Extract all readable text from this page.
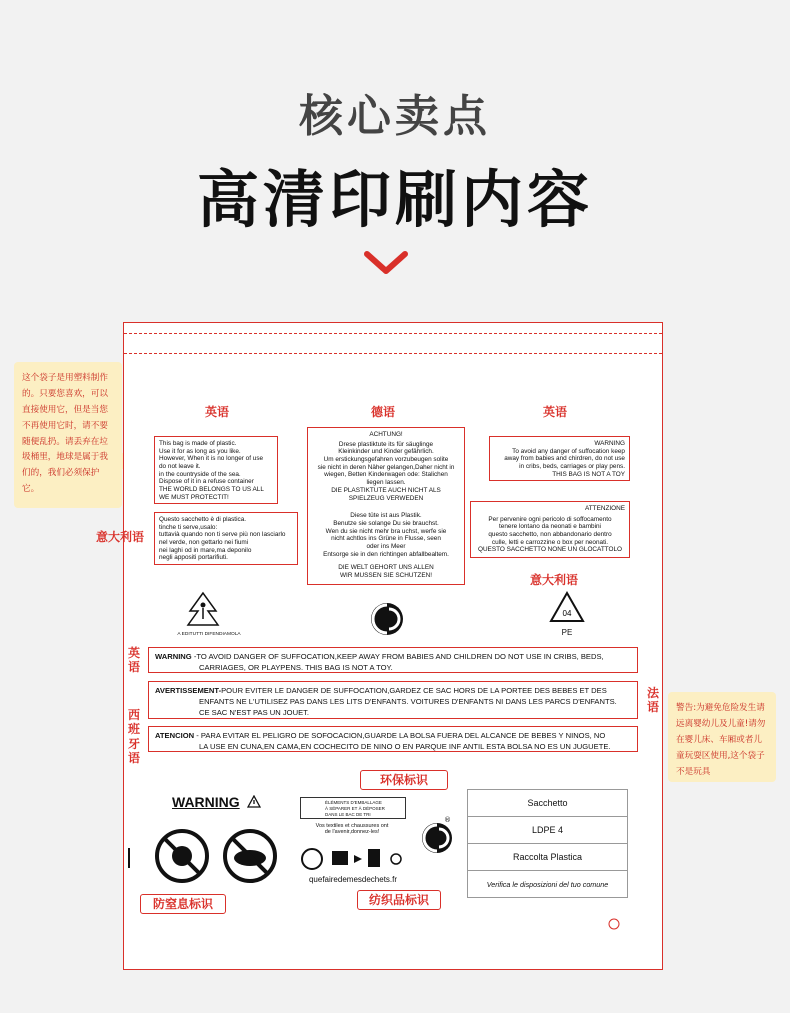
核心卖点
高清印刷内容
这个袋子是用塑料制作的。只要您喜欢，可以直接使用它，但是当您不再使用它时，请不要随便乱扔。请丢弃在垃圾桶里，地球是属于我们的，我们必须保护它。
警告:为避免危险发生请远离婴幼儿及儿童!请勿在婴儿床、车厢或者儿童玩耍区使用,这个袋子不是玩具
英语	德语	英语
This bag is made of plastic.
Use it for as long as you like.
However, When it is no longer of use
do not leave it.
in the countryside of the sea.
Dispose of it in a refuse container
THE WORLD BELONGS TO US ALL
WE MUST PROTECTIT!
Questo sacchetto è di plastica.
tinche ti serve,usalo:
tuttavià quando non ti serve più non lasciarlo
nel verde, non gettarlo nei fiumi
nei laghi od in mare,ma deponilo
negli appositi portarifiuti.
ACHTUNG!
Drese plastiktute its für säuglinge
Kleinkinder und Kinder gefährlich.
Um erstickungsgefahren vorzubeugen solite
sie nicht in deren Näher gelangen,Daher nicht in
wiegen, Betten Kinderwagen ode: Stalichen
liegen lassen.
DIE PLASTIKTUTE AUCH NICHT ALS
SPIELZEUG VERWEDEN
Diese tüte ist aus Plastik.
Benutze sie solange Du sie brauchst.
Wen du sie nicht mehr bra uchst, werfe sie
nicht achtlos ins Grüne in Flusse, seen
oder ins Meer
Entsorge sie in den richtingen abfallbealtem.
DIE WELT GEHORT UNS ALLEN
WIR MUSSEN SIE SCHUTZEN!
WARNING
To avoid any danger of suffocation keep
away from babies and chirdren, do not use
in cribs, beds, carriages or play pens.
THIS BAG IS NOT A TOY
ATTENZIONE
Per pervenire ogni pericolo di soffocamento
tenere lontano da neonati e bambini
questo sacchetto, non abbandonario dentro
culle, letti e carrozzine o box per neonati.
QUESTO SACCHETTO NONE UN GLOCATTOLO
意大利语
A EDITUTTI DIFENDIAMOLA
04
PE
WARNING -TO AVOID DANGER OF SUFFOCATION,KEEP AWAY FROM BABIES AND CHILDREN DO NOT USE IN CRIBS, BEDS,
CARRIAGES, OR PLAYPENS. THIS BAG IS NOT A TOY.
AVERTISSEMENT-POUR EVITER LE DANGER DE SUFFOCATION,GARDEZ CE SAC HORS DE LA PORTEE DES BEBES ET DES
ENFANTS NE L'UTILISEZ PAS DANS LES LITS D'ENFANTS. VOITURES D'ENFANTS NI DANS LES PARCS D'ENFANTS.
CE SAC N'EST PAS UN JOUET.
ATENCION - PARA EVITAR EL PELIGRO DE SOFOCACION,GUARDE LA BOLSA FUERA DEL ALCANCE DE BEBES Y NINOS, NO
LA USE EN CUNA,EN CAMA,EN COCHECITO DE NINO O EN PARQUE INF ANTIL ESTA BOLSA NO ES UN JUGUETE.
WARNING	ÉLÉMENTS D'EMBALLAGE
À SÉPARER ET À DÉPOSER
DANS LE BAC DE TRI
Vos textiles et chaussures ont
de l'avenir,donnez-les!
quefairedemesdechets.fr
®
Sacchetto
LDPE 4
Raccolta Plastica
Verifica le disposizioni del tuo comune
意大利语
英语
法语
西班牙语
环保标识
防窒息标识	纺织品标识
